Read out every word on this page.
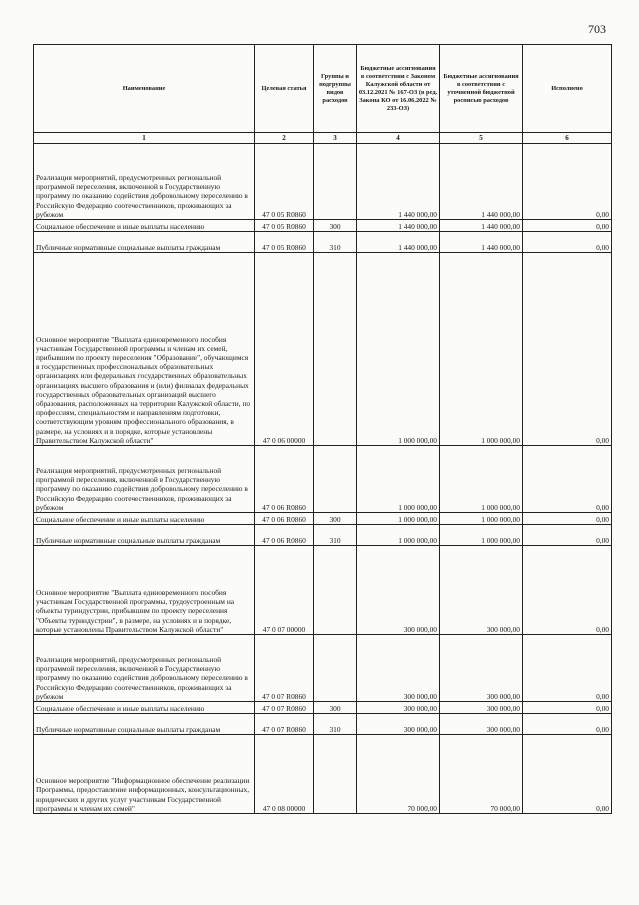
703
Наименование	Целевая статья	Группы и подгруппы видов расходов	Бюджетные ассигнования в соответствии с Законом Калужской области от 03.12.2021 № 167-ОЗ (в ред. Закона КО от 16.06.2022 № 233-ОЗ)	Бюджетные ассигнования в соответствии с уточненной бюджетной росписью расходов	Исполнено
1	2	3	4	5	6
Реализация мероприятий, предусмотренных региональной программой переселения, включенной в Государственную программу по оказанию содействия добровольному переселению в Российскую Федерацию соотечественников, проживающих за рубежом	47 0 05 R0860		1 440 000,00	1 440 000,00	0,00
Социальное обеспечение и иные выплаты населению	47 0 05 R0860	300	1 440 000,00	1 440 000,00	0,00
Публичные нормативные социальные выплаты гражданам	47 0 05 R0860	310	1 440 000,00	1 440 000,00	0,00
Основное мероприятие "Выплата единовременного пособия участникам Государственной программы и членам их семей, прибывшим по проекту переселения "Образование", обучающимся в государственных профессиональных образовательных организациях или федеральных государственных образовательных организациях высшего образования и (или) филиалах федеральных государственных образовательных организаций высшего образования, расположенных на территории Калужской области, по профессиям, специальностям и направлениям подготовки, соответствующим уровням профессионального образования, в размере, на условиях и в порядке, которые установлены Правительством Калужской области"	47 0 06 00000		1 000 000,00	1 000 000,00	0,00
Реализация мероприятий, предусмотренных региональной программой переселения, включенной в Государственную программу по оказанию содействия добровольному переселению в Российскую Федерацию соотечественников, проживающих за рубежом	47 0 06 R0860		1 000 000,00	1 000 000,00	0,00
Социальное обеспечение и иные выплаты населению	47 0 06 R0860	300	1 000 000,00	1 000 000,00	0,00
Публичные нормативные социальные выплаты гражданам	47 0 06 R0860	310	1 000 000,00	1 000 000,00	0,00
Основное мероприятие "Выплата единовременного пособия участникам Государственной программы, трудоустроенным на объекты туриндустрии, прибывшим по проекту переселения "Объекты туриндустрии", в размере, на условиях и в порядке, которые установлены Правительством Калужской области"	47 0 07 00000		300 000,00	300 000,00	0,00
Реализация мероприятий, предусмотренных региональной программой переселения, включенной в Государственную программу по оказанию содействия добровольному переселению в Российскую Федерацию соотечественников, проживающих за рубежом	47 0 07 R0860		300 000,00	300 000,00	0,00
Социальное обеспечение и иные выплаты населению	47 0 07 R0860	300	300 000,00	300 000,00	0,00
Публичные нормативные социальные выплаты гражданам	47 0 07 R0860	310	300 000,00	300 000,00	0,00
Основное мероприятие "Информационное обеспечение реализации Программы, предоставление информационных, консультационных, юридических и других услуг участникам Государственной программы и членам их семей"	47 0 08 00000		70 000,00	70 000,00	0,00
